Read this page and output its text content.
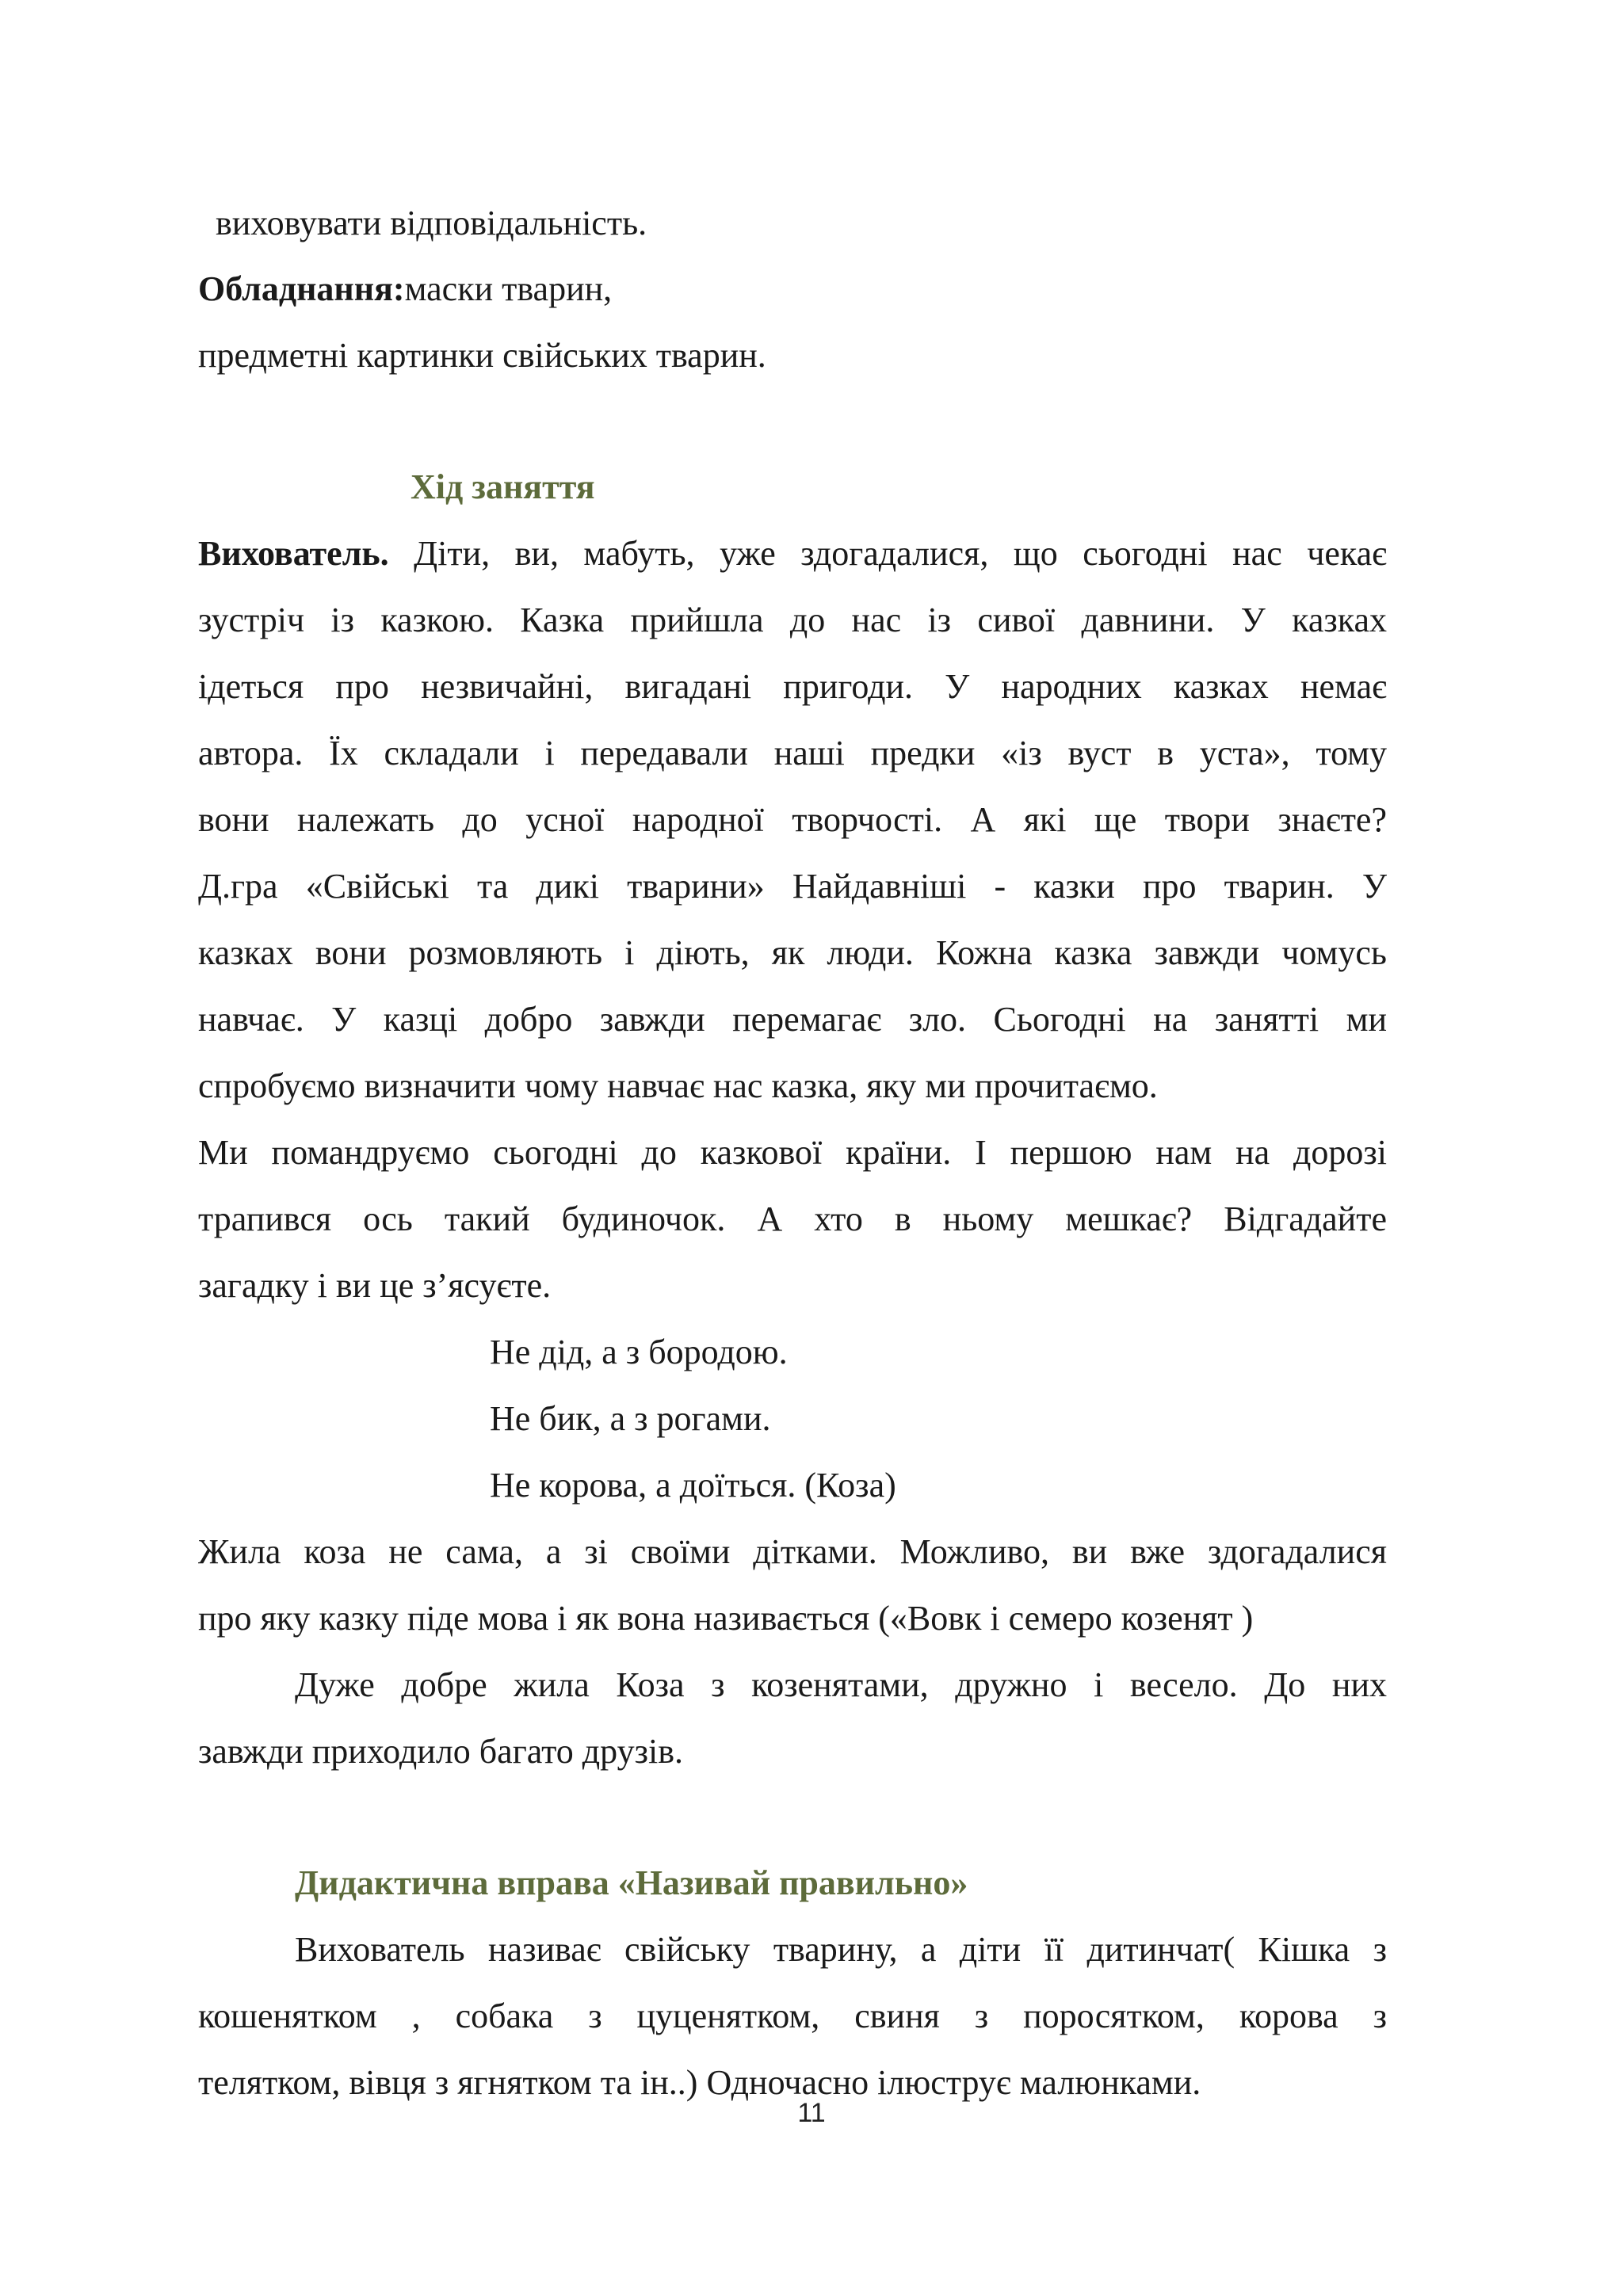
виховувати відповідальність.
Обладнання:маски тварин,
предметні картинки свійських тварин.
Хід заняття
Вихователь. Діти, ви, мабуть, уже здогадалися, що сьогодні нас чекає
зустріч із казкою. Казка прийшла до нас із сивої давнини. У казках
ідеться про незвичайні, вигадані пригоди. У народних казках немає
автора. Їх складали і передавали наші предки «із вуст в уста», тому
вони належать до усної народної творчості. А які ще твори знаєте?
Д.гра «Свійські та дикі тварини» Найдавніші - казки про тварин. У
казках вони розмовляють і діють, як люди. Кожна казка завжди чомусь
навчає. У казці добро завжди перемагає зло. Сьогодні на занятті ми
спробуємо визначити чому навчає нас казка, яку ми прочитаємо.
Ми помандруємо сьогодні до казкової країни. І першою нам на дорозі
трапився ось такий будиночок. А хто в ньому мешкає? Відгадайте
загадку і ви це з’ясуєте.
Не дід, а з бородою.
Не бик, а з рогами.
Не корова, а доїться. (Коза)
Жила коза не сама, а зі своїми дітками. Можливо, ви вже здогадалися
про яку казку піде мова і як вона називається («Вовк і семеро козенят )
Дуже добре жила Коза з козенятами, дружно і весело. До них
завжди приходило багато друзів.
Дидактична вправа «Називай правильно»
Вихователь називає свійську тварину, а діти її дитинчат( Кішка з
кошенятком , собака з цуценятком, свиня з поросятком, корова з
телятком, вівця з ягнятком та ін..) Одночасно ілюструє малюнками.
11
